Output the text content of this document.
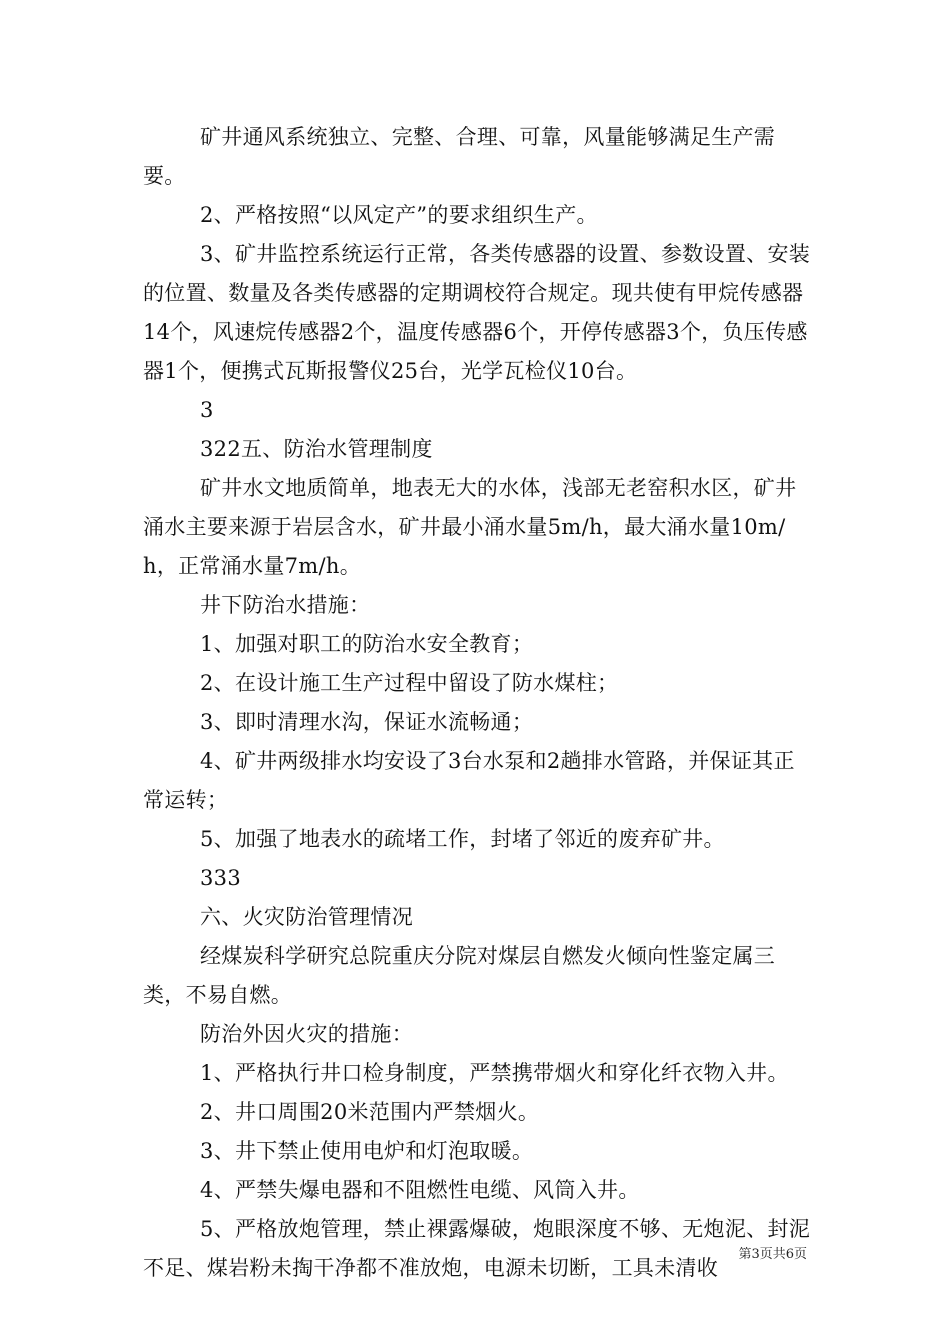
矿井通风系统独立、完整、合理、可靠，风量能够满足生产需要。

2、严格按照“以风定产”的要求组织生产。

3、矿井监控系统运行正常，各类传感器的设置、参数设置、安装的位置、数量及各类传感器的定期调校符合规定。现共使有甲烷传感器14个，风速烷传感器2个，温度传感器6个，开停传感器3个，负压传感器1个，便携式瓦斯报警仪25台，光学瓦检仪10台。

3

322五、防治水管理制度

矿井水文地质简单，地表无大的水体，浅部无老窑积水区，矿井涌水主要来源于岩层含水，矿井最小涌水量5m/h，最大涌水量10m/h，正常涌水量7m/h。

井下防治水措施：

1、加强对职工的防治水安全教育；

2、在设计施工生产过程中留设了防水煤柱；

3、即时清理水沟，保证水流畅通；

4、矿井两级排水均安设了3台水泵和2趟排水管路，并保证其正常运转；

5、加强了地表水的疏堵工作，封堵了邻近的废弃矿井。

333

六、火灾防治管理情况

经煤炭科学研究总院重庆分院对煤层自燃发火倾向性鉴定属三类，不易自燃。

防治外因火灾的措施：

1、严格执行井口检身制度，严禁携带烟火和穿化纤衣物入井。

2、井口周围20米范围内严禁烟火。

3、井下禁止使用电炉和灯泡取暖。

4、严禁失爆电器和不阻燃性电缆、风筒入井。

5、严格放炮管理，禁止裸露爆破，炮眼深度不够、无炮泥、封泥不足、煤岩粉未掏干净都不准放炮，电源未切断，工具未清收

第3页共6页
